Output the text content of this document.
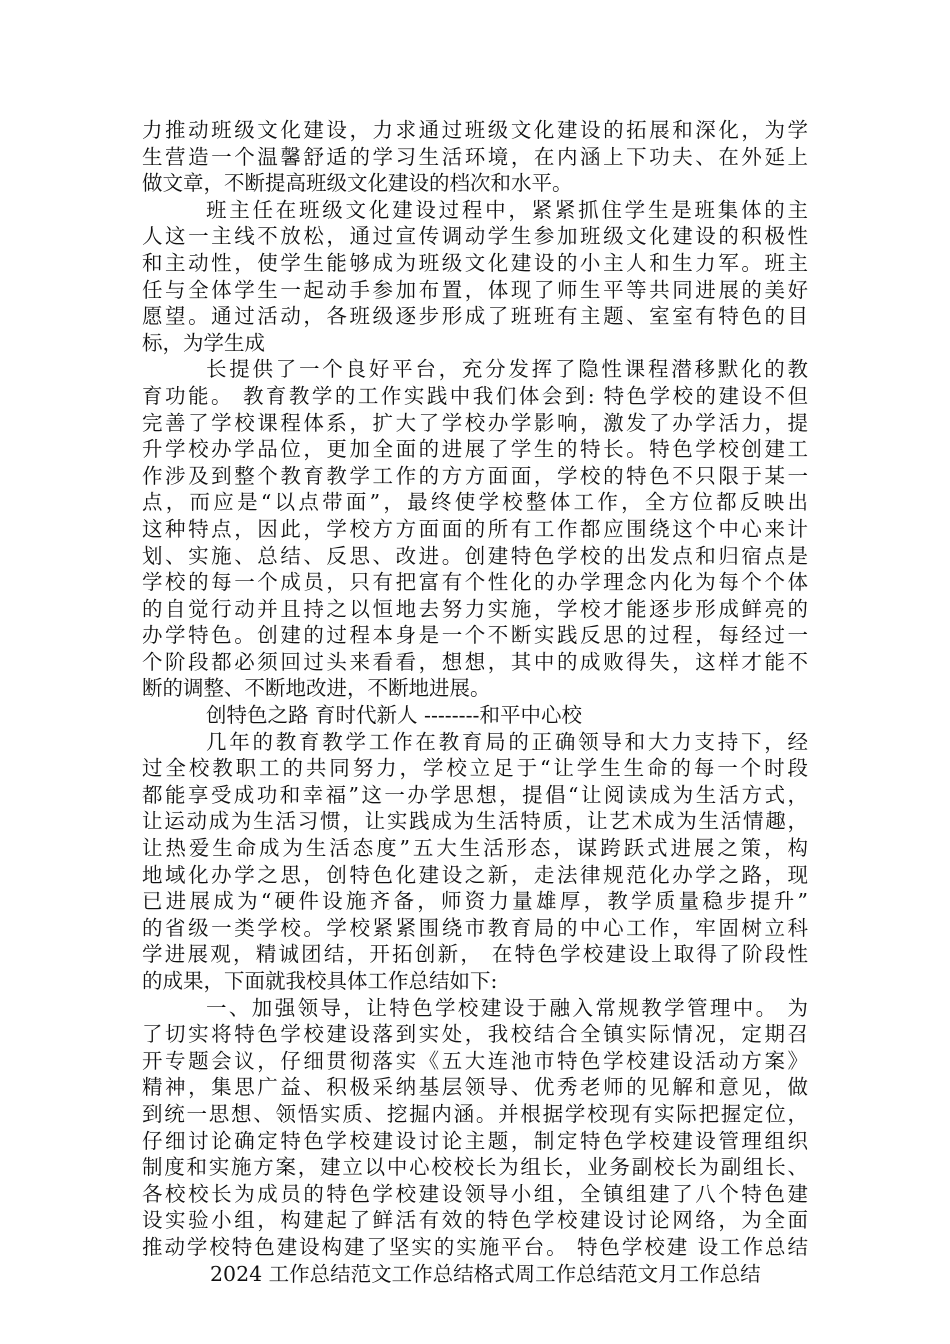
力推动班级文化建设，力求通过班级文化建设的拓展和深化，为学
生营造一个温馨舒适的学习生活环境，在内涵上下功夫、在外延上
做文章，不断提高班级文化建设的档次和水平。
班主任在班级文化建设过程中，紧紧抓住学生是班集体的主
人这一主线不放松，通过宣传调动学生参加班级文化建设的积极性
和主动性，使学生能够成为班级文化建设的小主人和生力军。班主
任与全体学生一起动手参加布置，体现了师生平等共同进展的美好
愿望。通过活动，各班级逐步形成了班班有主题、室室有特色的目
标，为学生成
长提供了一个良好平台，充分发挥了隐性课程潜移默化的教
育功能。 教育教学的工作实践中我们体会到: 特色学校的建设不但
完善了学校课程体系，扩大了学校办学影响，激发了办学活力，提
升学校办学品位，更加全面的进展了学生的特长。特色学校创建工
作涉及到整个教育教学工作的方方面面，学校的特色不只限于某一
点，而应是“以点带面”，最终使学校整体工作，全方位都反映出
这种特点，因此，学校方方面面的所有工作都应围绕这个中心来计
划、实施、总结、反思、改进。创建特色学校的出发点和归宿点是
学校的每一个成员，只有把富有个性化的办学理念内化为每个个体
的自觉行动并且持之以恒地去努力实施，学校才能逐步形成鲜亮的
办学特色。创建的过程本身是一个不断实践反思的过程，每经过一
个阶段都必须回过头来看看，想想，其中的成败得失，这样才能不
断的调整、不断地改进，不断地进展。
创特色之路 育时代新人 --------和平中心校
几年的教育教学工作在教育局的正确领导和大力支持下，经
过全校教职工的共同努力，学校立足于“让学生生命的每一个时段
都能享受成功和幸福”这一办学思想，提倡“让阅读成为生活方式，
让运动成为生活习惯，让实践成为生活特质，让艺术成为生活情趣，
让热爱生命成为生活态度”五大生活形态，谋跨跃式进展之策，构
地域化办学之思，创特色化建设之新，走法律规范化办学之路，现
已进展成为“硬件设施齐备，师资力量雄厚，教学质量稳步提升”
的省级一类学校。学校紧紧围绕市教育局的中心工作，牢固树立科
学进展观，精诚团结，开拓创新， 在特色学校建设上取得了阶段性
的成果，下面就我校具体工作总结如下:
一、加强领导，让特色学校建设于融入常规教学管理中。 为
了切实将特色学校建设落到实处，我校结合全镇实际情况，定期召
开专题会议，仔细贯彻落实《五大连池市特色学校建设活动方案》
精神，集思广益、积极采纳基层领导、优秀老师的见解和意见，做
到统一思想、领悟实质、挖掘内涵。并根据学校现有实际把握定位，
仔细讨论确定特色学校建设讨论主题，制定特色学校建设管理组织
制度和实施方案，建立以中心校校长为组长，业务副校长为副组长、
各校校长为成员的特色学校建设领导小组，全镇组建了八个特色建
设实验小组，构建起了鲜活有效的特色学校建设讨论网络，为全面
推动学校特色建设构建了坚实的实施平台。 特色学校建 设工作总结
2024 工作总结范文工作总结格式周工作总结范文月工作总结
